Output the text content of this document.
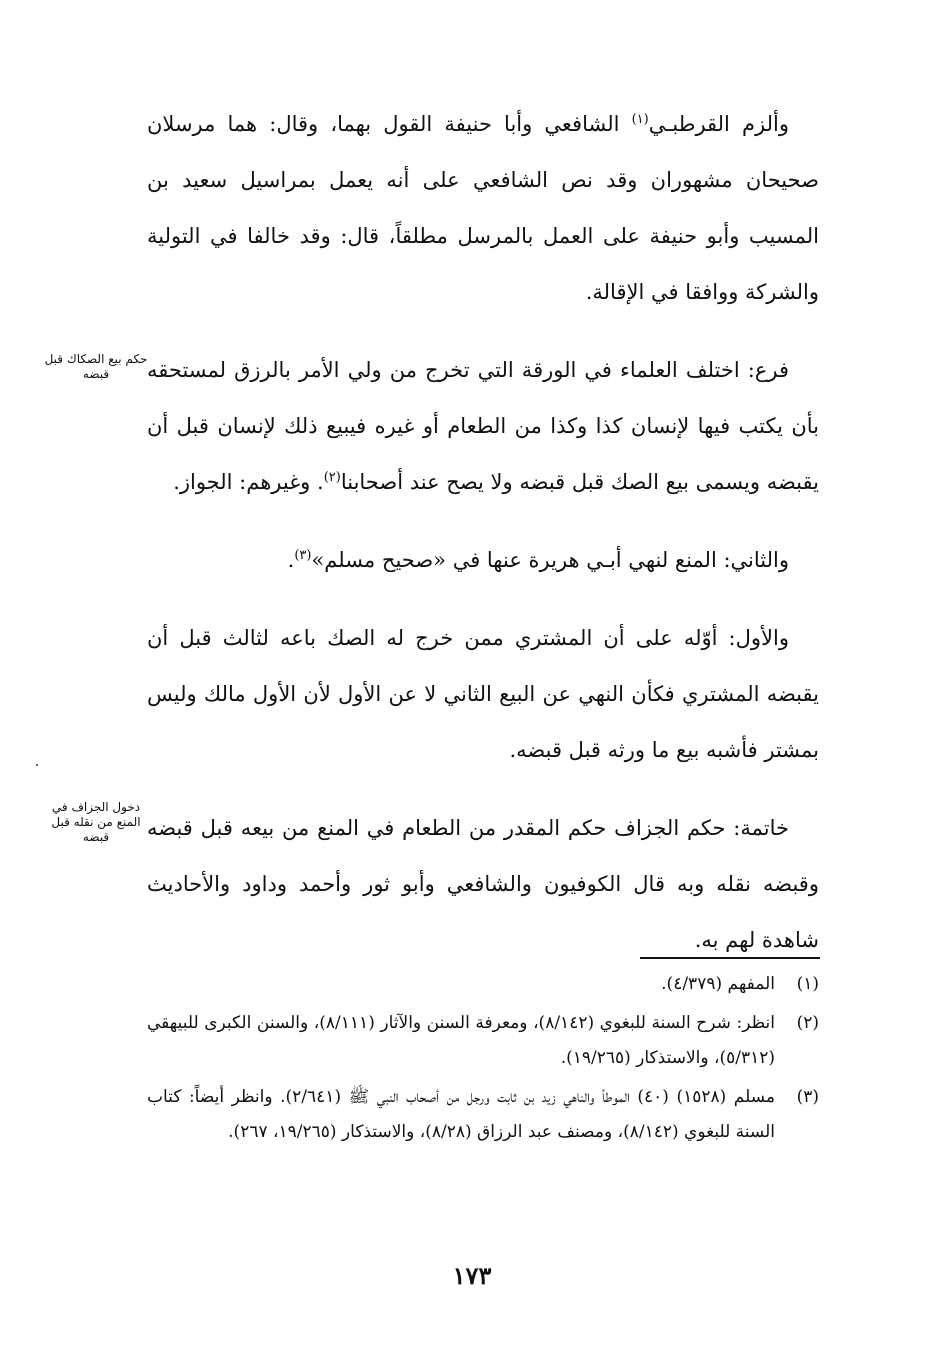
وألزم القرطبـي$^{(١)}$ الشافعي وأبا حنيفة القول بهما، وقال: هما مرسلان صحيحان مشهوران وقد نص الشافعي على أنه يعمل بمراسيل سعيد بن المسيب وأبو حنيفة على العمل بالمرسل مطلقاً، قال: وقد خالفا في التولية والشركة ووافقا في الإقالة.

فرع: اختلف العلماء في الورقة التي تخرج من ولي الأمر بالرزق لمستحقه بأن يكتب فيها لإنسان كذا وكذا من الطعام أو غيره فيبيع ذلك لإنسان قبل أن يقبضه ويسمى بيع الصك قبل قبضه ولا يصح عند أصحابنا$^{(٢)}$. وغيرهم: الجواز.

والثاني: المنع لنهي أبـي هريرة عنها في «صحيح مسلم»$^{(٣)}$.

والأول: أوّله على أن المشتري ممن خرج له الصك باعه لثالث قبل أن يقبضه المشتري فكأن النهي عن البيع الثاني لا عن الأول لأن الأول مالك وليس بمشتر فأشبه بيع ما ورثه قبل قبضه.

خاتمة: حكم الجزاف حكم المقدر من الطعام في المنع من بيعه قبل قبضه وقبضه نقله وبه قال الكوفيون والشافعي وأبو ثور وأحمد وداود والأحاديث شاهدة لهم به.

حكم بيع الصكاك قبل قبضه
دخول الجزاف في المنع من نقله قبل قبضه
(١)
المفهم (٤/٣٧٩).
(٢)
انظر: شرح السنة للبغوي (٨/١٤٢)، ومعرفة السنن والآثار (٨/١١١)، والسنن الكبرى للبيهقي (٥/٣١٢)، والاستذكار (١٩/٢٦٥).
(٣)
مسلم (١٥٢٨) (٤٠) الموطأ والناهي زيد بن ثابت ورجل من أصحاب النبي ﷺ (٢/٦٤١). وانظر أيضاً: كتاب السنة للبغوي (٨/١٤٢)، ومصنف عبد الرزاق (٨/٢٨)، والاستذكار (١٩/٢٦٥، ٢٦٧).
١٧٣
